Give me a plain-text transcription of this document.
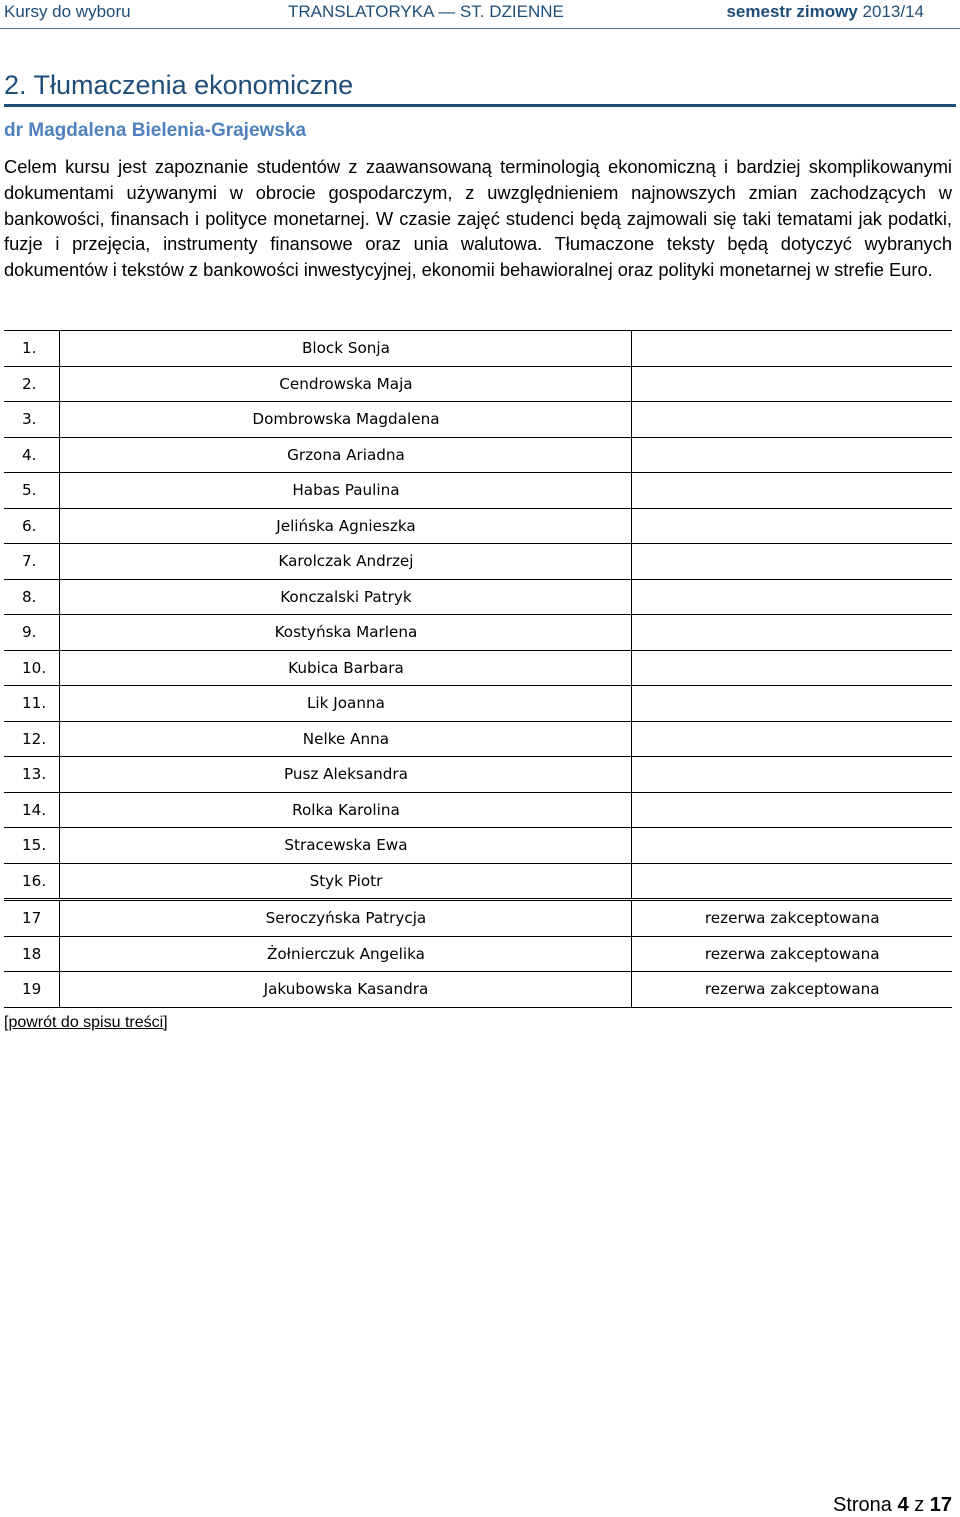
Kursy do wyboru	TRANSLATORYKA — ST. DZIENNE	semestr zimowy 2013/14
2. Tłumaczenia ekonomiczne
dr Magdalena Bielenia-Grajewska
Celem kursu jest zapoznanie studentów z zaawansowaną terminologią ekonomiczną i bardziej skomplikowanymi dokumentami używanymi w obrocie gospodarczym, z uwzględnieniem najnowszych zmian zachodzących w bankowości, finansach i polityce monetarnej. W czasie zajęć studenci będą zajmowali się taki tematami jak podatki, fuzje i przejęcia, instrumenty finansowe oraz unia walutowa. Tłumaczone teksty będą dotyczyć wybranych dokumentów i tekstów z bankowości inwestycyjnej, ekonomii behawioralnej oraz polityki monetarnej w strefie Euro.
1.	Block Sonja	
2.	Cendrowska Maja	
3.	Dombrowska Magdalena	
4.	Grzona Ariadna	
5.	Habas Paulina	
6.	Jelińska Agnieszka	
7.	Karolczak Andrzej	
8.	Konczalski Patryk	
9.	Kostyńska Marlena	
10.	Kubica Barbara	
11.	Lik Joanna	
12.	Nelke Anna	
13.	Pusz Aleksandra	
14.	Rolka Karolina	
15.	Stracewska Ewa	
16.	Styk Piotr	
17	Seroczyńska Patrycja	rezerwa zakceptowana
18	Żołnierczuk Angelika	rezerwa zakceptowana
19	Jakubowska Kasandra	rezerwa zakceptowana
[powrót do spisu treści]
Strona 4 z 17
